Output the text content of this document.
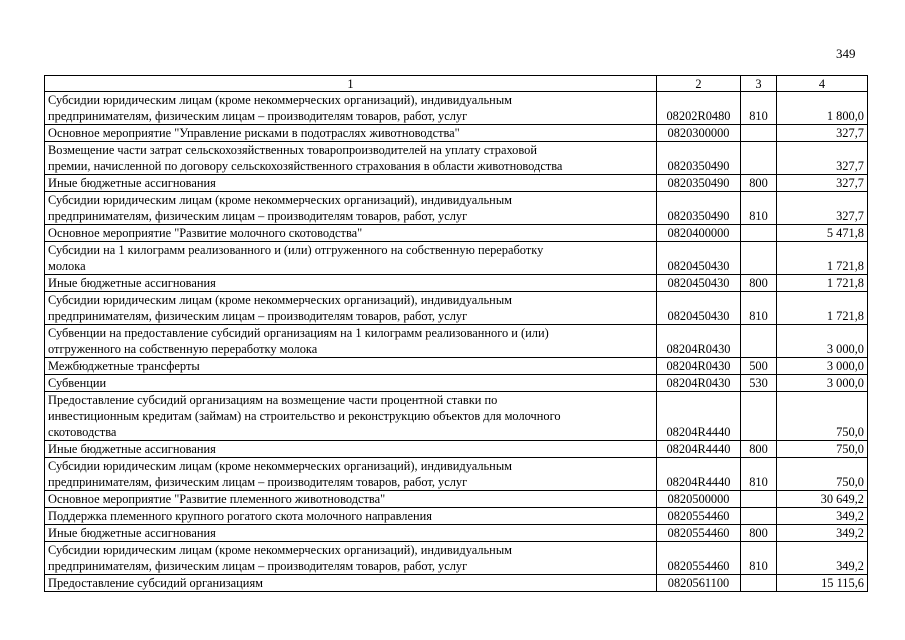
349
1	2	3	4

Субсидии юридическим лицам (кроме некоммерческих организаций), индивидуальным
предпринимателям, физическим лицам – производителям товаров, работ, услуг	08202R0480	810	1 800,0

Основное мероприятие "Управление рисками в подотраслях животноводства"	0820300000		327,7

Возмещение части затрат сельскохозяйственных товаропроизводителей на уплату страховой
премии, начисленной по договору сельскохозяйственного страхования в области животноводства	0820350490		327,7

Иные бюджетные ассигнования	0820350490	800	327,7

Субсидии юридическим лицам (кроме некоммерческих организаций), индивидуальным
предпринимателям, физическим лицам – производителям товаров, работ, услуг	0820350490	810	327,7

Основное мероприятие "Развитие молочного скотоводства"	0820400000		5 471,8

Субсидии на 1 килограмм реализованного и (или) отгруженного на собственную переработку
молока	0820450430		1 721,8

Иные бюджетные ассигнования	0820450430	800	1 721,8

Субсидии юридическим лицам (кроме некоммерческих организаций), индивидуальным
предпринимателям, физическим лицам – производителям товаров, работ, услуг	0820450430	810	1 721,8

Субвенции на предоставление субсидий организациям на 1 килограмм реализованного и (или)
отгруженного на собственную переработку молока	08204R0430		3 000,0

Межбюджетные трансферты	08204R0430	500	3 000,0

Субвенции	08204R0430	530	3 000,0

Предоставление субсидий организациям на возмещение части процентной ставки по
инвестиционным кредитам (займам) на строительство и реконструкцию объектов для молочного
скотоводства	08204R4440		750,0

Иные бюджетные ассигнования	08204R4440	800	750,0

Субсидии юридическим лицам (кроме некоммерческих организаций), индивидуальным
предпринимателям, физическим лицам – производителям товаров, работ, услуг	08204R4440	810	750,0

Основное мероприятие "Развитие племенного животноводства"	0820500000		30 649,2

Поддержка племенного крупного рогатого скота молочного направления	0820554460		349,2

Иные бюджетные ассигнования	0820554460	800	349,2

Субсидии юридическим лицам (кроме некоммерческих организаций), индивидуальным
предпринимателям, физическим лицам – производителям товаров, работ, услуг	0820554460	810	349,2

Предоставление субсидий организациям	0820561100		15 115,6
